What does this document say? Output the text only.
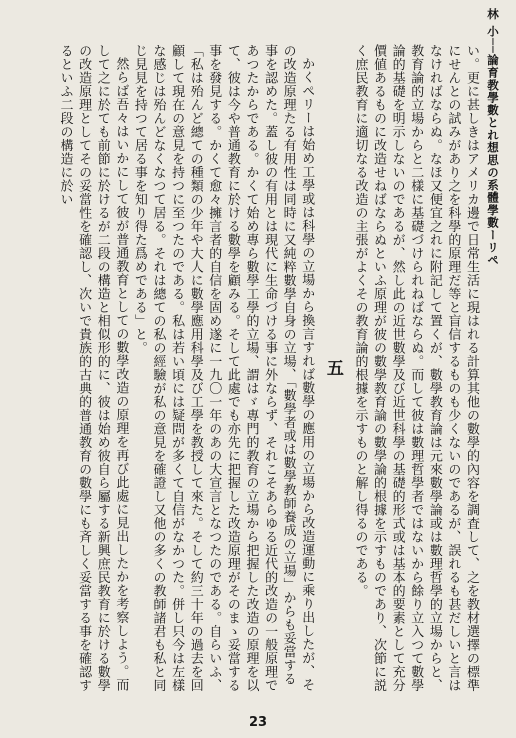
林 小──論育教學數とれ想思の系體學數ーリペ

い。更に甚しきはアメリカ邊で日常生活に現はれる計算其他の數學的內容を調査して、之を教材選擇の標準にせんとの試みがあり之を科學的原理だ等と盲信するものも少くないのであるが、誤れるも甚だしいと言はなければならぬ。なほ又便宜之れに附記して置くが、數學教育論は元來數學論或は數理哲學的立場からと、教育論的立場からと二樣に基礎づけられねばならぬ。而して彼は數理哲學者ではないから餘り立入つて數學論的基礎を明示しないのであるが、然し此の近世數學及び近世科學の基礎的形式或は基本的要素として充分價値あるものに改造せねばならぬといふ原理が彼の數學教育論の數學論的根據を示すものであり、次節に説く庶民教育に適切なる改造の主張がよくその教育論的根據を示すものと解し得るのである。

五

かくペリーは始め工學或は科學の立場から換言すれば數學の應用の立場から改造運動に乘り出したが、その改造原理たる有用性は同時に又純粹數學自身の立場、「數學者或は數學教師養成の立場」からも妥當する事を認めた。蓋し彼の有用とは現代に生命づける事に外ならず、それこそあらゆる近代的改造の一般原理であつたからである。かくて始め專ら數學工學的立場、謂はゞ專門的教育の立場から把握した改造の原理を以て、彼は今や普通教育に於ける數學を顧みる。そして此處でも亦先に把握した改造原理がそのまゝ妥當する事を發見する。かくて愈々擁言者的自信を固め遂に一九〇一年のあの大宣言となつたのである。自らいふ、「私は殆んど總ての種類の少年や大人に數學應用科學及び工學を教授して來た。そして約三十年の過去を回顧して現在の意見を持つに至つたのである。私は若い頃には疑問が多くて自信がなかつた。併し只今は左樣な感じは殆んどなくなつて居る。それは總ての私の經驗が私の意見を確證し又他の多くの教師諸君も私と同じ見見を持つて居る事を知り得た爲めである」と。

然らば吾々はいかにして彼が普通教育としての數學改造の原理を再び此處に見出したかを考察しよう。而して之に於ても前節に於けるが二段の構造と相似形的に、彼は始め彼自ら屬する新興庶民教育に於ける數學の改造原理としてその妥當性を確認し、次いで貴族的古典的普通教育の數學にも斉しく妥當する事を確認するといふ二段の構造に於い

23
